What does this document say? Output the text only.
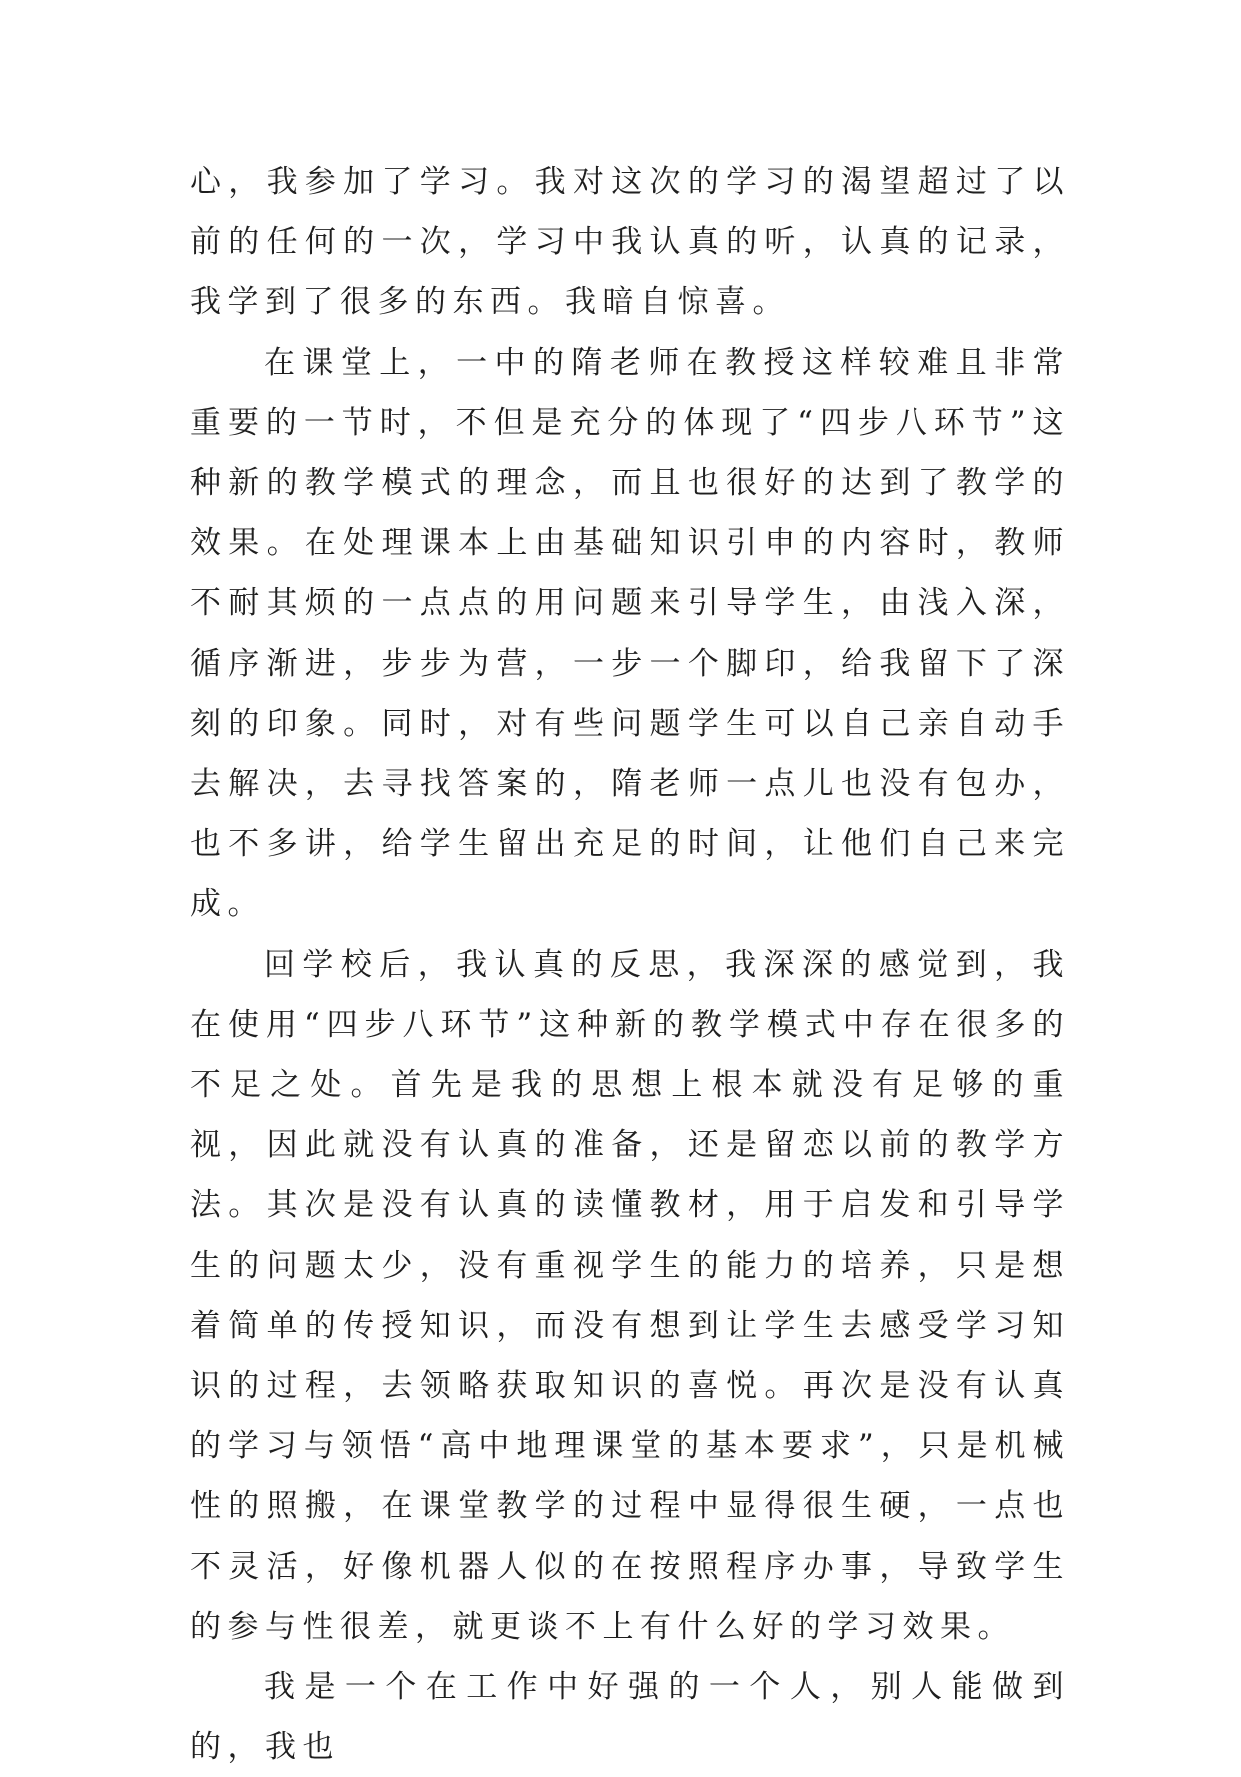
心，我参加了学习。我对这次的学习的渴望超过了以前的任何的一次，学习中我认真的听，认真的记录，我学到了很多的东西。我暗自惊喜。

在课堂上，一中的隋老师在教授这样较难且非常重要的一节时，不但是充分的体现了“四步八环节”这种新的教学模式的理念，而且也很好的达到了教学的效果。在处理课本上由基础知识引申的内容时，教师不耐其烦的一点点的用问题来引导学生，由浅入深，循序渐进，步步为营，一步一个脚印，给我留下了深刻的印象。同时，对有些问题学生可以自己亲自动手去解决，去寻找答案的，隋老师一点儿也没有包办，也不多讲，给学生留出充足的时间，让他们自己来完成。

回学校后，我认真的反思，我深深的感觉到，我在使用“四步八环节”这种新的教学模式中存在很多的不足之处。首先是我的思想上根本就没有足够的重视，因此就没有认真的准备，还是留恋以前的教学方法。其次是没有认真的读懂教材，用于启发和引导学生的问题太少，没有重视学生的能力的培养，只是想着简单的传授知识，而没有想到让学生去感受学习知识的过程，去领略获取知识的喜悦。再次是没有认真的学习与领悟“高中地理课堂的基本要求”，只是机械性的照搬，在课堂教学的过程中显得很生硬，一点也不灵活，好像机器人似的在按照程序办事，导致学生的参与性很差，就更谈不上有什么好的学习效果。

我是一个在工作中好强的一个人，别人能做到的，我也
